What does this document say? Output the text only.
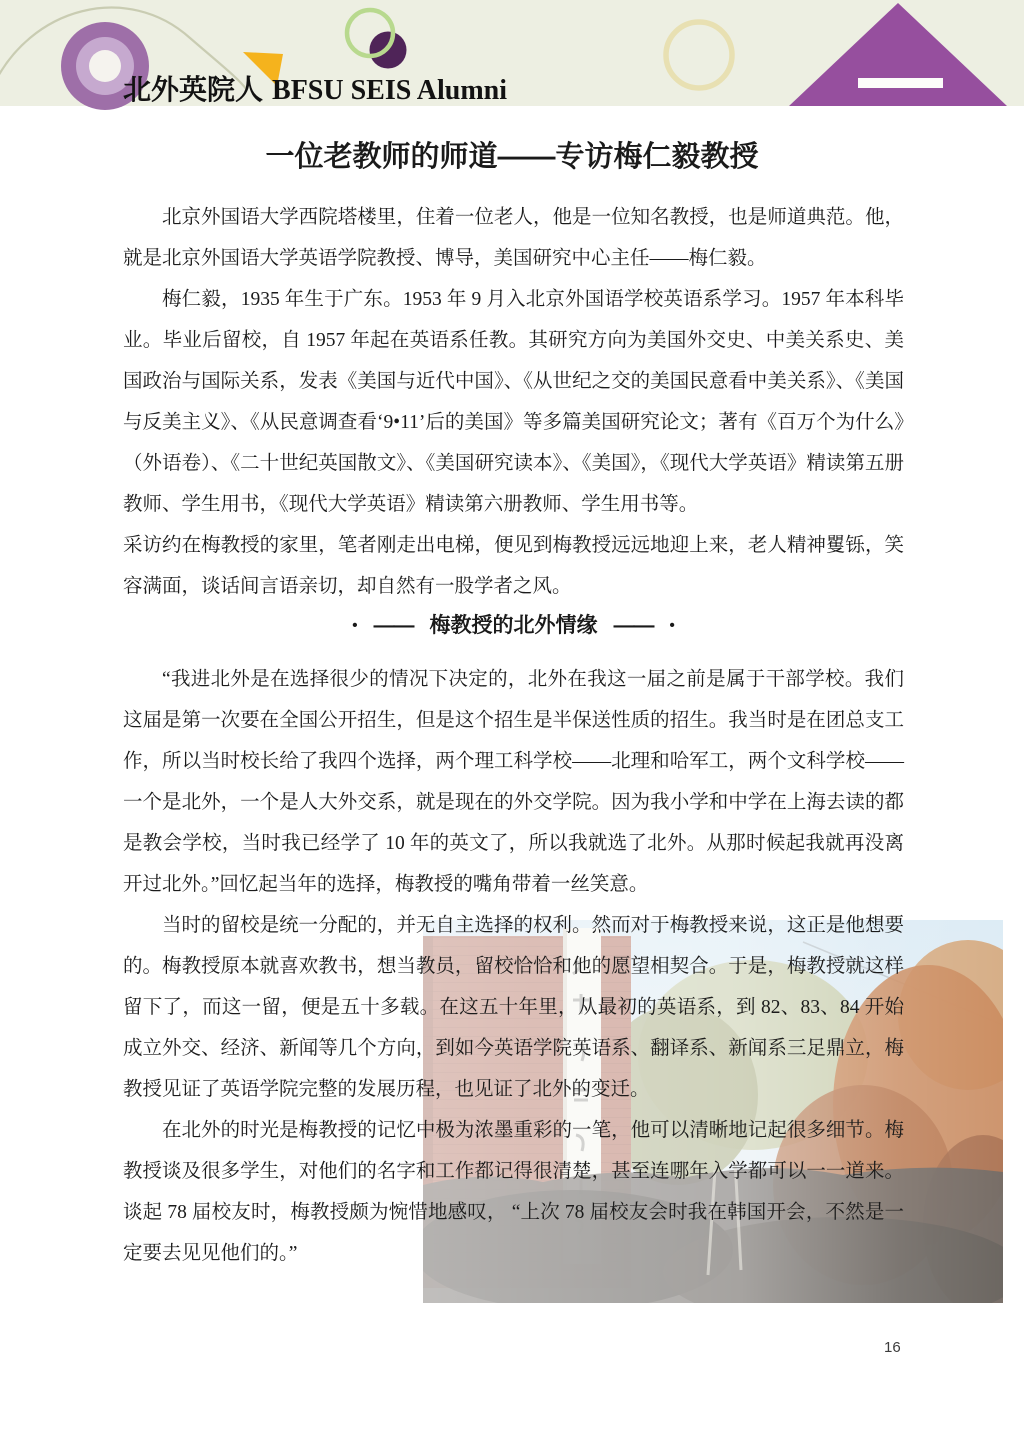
北外英院人 BFSU SEIS Alumni
一位老教师的师道——专访梅仁毅教授

北京外国语大学西院塔楼里，住着一位老人，他是一位知名教授，也是师道典范。他，就是北京外国语大学英语学院教授、博导，美国研究中心主任——梅仁毅。

梅仁毅，1935 年生于广东。1953 年 9 月入北京外国语学校英语系学习。1957 年本科毕业。毕业后留校，自 1957 年起在英语系任教。其研究方向为美国外交史、中美关系史、美国政治与国际关系，发表《美国与近代中国》、《从世纪之交的美国民意看中美关系》、《美国与反美主义》、《从民意调查看‘9•11’后的美国》等多篇美国研究论文；著有《百万个为什么》（外语卷）、《二十世纪英国散文》、《美国研究读本》、《美国》，《现代大学英语》精读第五册教师、学生用书，《现代大学英语》精读第六册教师、学生用书等。

采访约在梅教授的家里，笔者刚走出电梯，便见到梅教授远远地迎上来，老人精神矍铄，笑容满面，谈话间言语亲切，却自然有一股学者之风。

• —— 梅教授的北外情缘 —— •

“我进北外是在选择很少的情况下决定的，北外在我这一届之前是属于干部学校。我们这届是第一次要在全国公开招生，但是这个招生是半保送性质的招生。我当时是在团总支工作，所以当时校长给了我四个选择，两个理工科学校——北理和哈军工，两个文科学校——一个是北外，一个是人大外交系，就是现在的外交学院。因为我小学和中学在上海去读的都是教会学校，当时我已经学了 10 年的英文了，所以我就选了北外。从那时候起我就再没离开过北外。”回忆起当年的选择，梅教授的嘴角带着一丝笑意。

当时的留校是统一分配的，并无自主选择的权利。然而对于梅教授来说，这正是他想要的。梅教授原本就喜欢教书，想当教员，留校恰恰和他的愿望相契合。于是，梅教授就这样留下了，而这一留，便是五十多载。在这五十年里，从最初的英语系，到 82、83、84 开始成立外交、经济、新闻等几个方向，到如今英语学院英语系、翻译系、新闻系三足鼎立，梅教授见证了英语学院完整的发展历程，也见证了北外的变迁。

在北外的时光是梅教授的记忆中极为浓墨重彩的一笔，他可以清晰地记起很多细节。梅教授谈及很多学生，对他们的名字和工作都记得很清楚，甚至连哪年入学都可以一一道来。谈起 78 届校友时，梅教授颇为惋惜地感叹， “上次 78 届校友会时我在韩国开会，不然是一定要去见见他们的。”

16
